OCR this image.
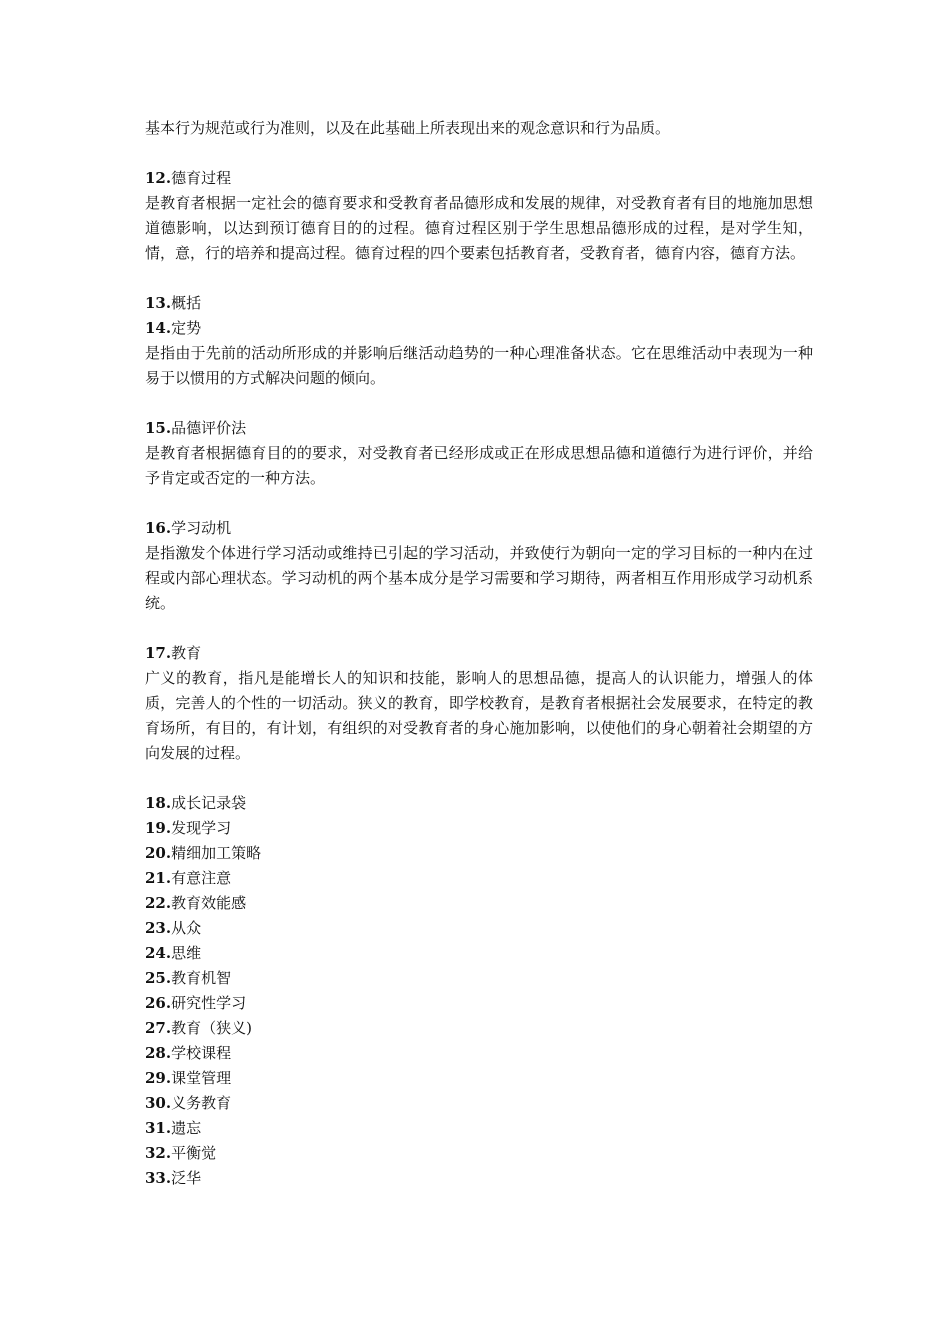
基本行为规范或行为准则，以及在此基础上所表现出来的观念意识和行为品质。

12.德育过程

是教育者根据一定社会的德育要求和受教育者品德形成和发展的规律，对受教育者有目的地施加思想道德影响，以达到预订德育目的的过程。德育过程区别于学生思想品德形成的过程，是对学生知，情，意，行的培养和提高过程。德育过程的四个要素包括教育者，受教育者，德育内容，德育方法。

13.概括

14.定势

是指由于先前的活动所形成的并影响后继活动趋势的一种心理准备状态。它在思维活动中表现为一种易于以惯用的方式解决问题的倾向。

15.品德评价法

是教育者根据德育目的的要求，对受教育者已经形成或正在形成思想品德和道德行为进行评价，并给予肯定或否定的一种方法。

16.学习动机

是指激发个体进行学习活动或维持已引起的学习活动，并致使行为朝向一定的学习目标的一种内在过程或内部心理状态。学习动机的两个基本成分是学习需要和学习期待，两者相互作用形成学习动机系统。

17.教育

广义的教育，指凡是能增长人的知识和技能，影响人的思想品德，提高人的认识能力，增强人的体质，完善人的个性的一切活动。狭义的教育，即学校教育，是教育者根据社会发展要求，在特定的教育场所，有目的，有计划，有组织的对受教育者的身心施加影响，以使他们的身心朝着社会期望的方向发展的过程。

18.成长记录袋

19.发现学习

20.精细加工策略

21.有意注意

22.教育效能感

23.从众

24.思维

25.教育机智

26.研究性学习

27.教育（狭义)

28.学校课程

29.课堂管理

30.义务教育

31.遗忘

32.平衡觉

33.泛华
